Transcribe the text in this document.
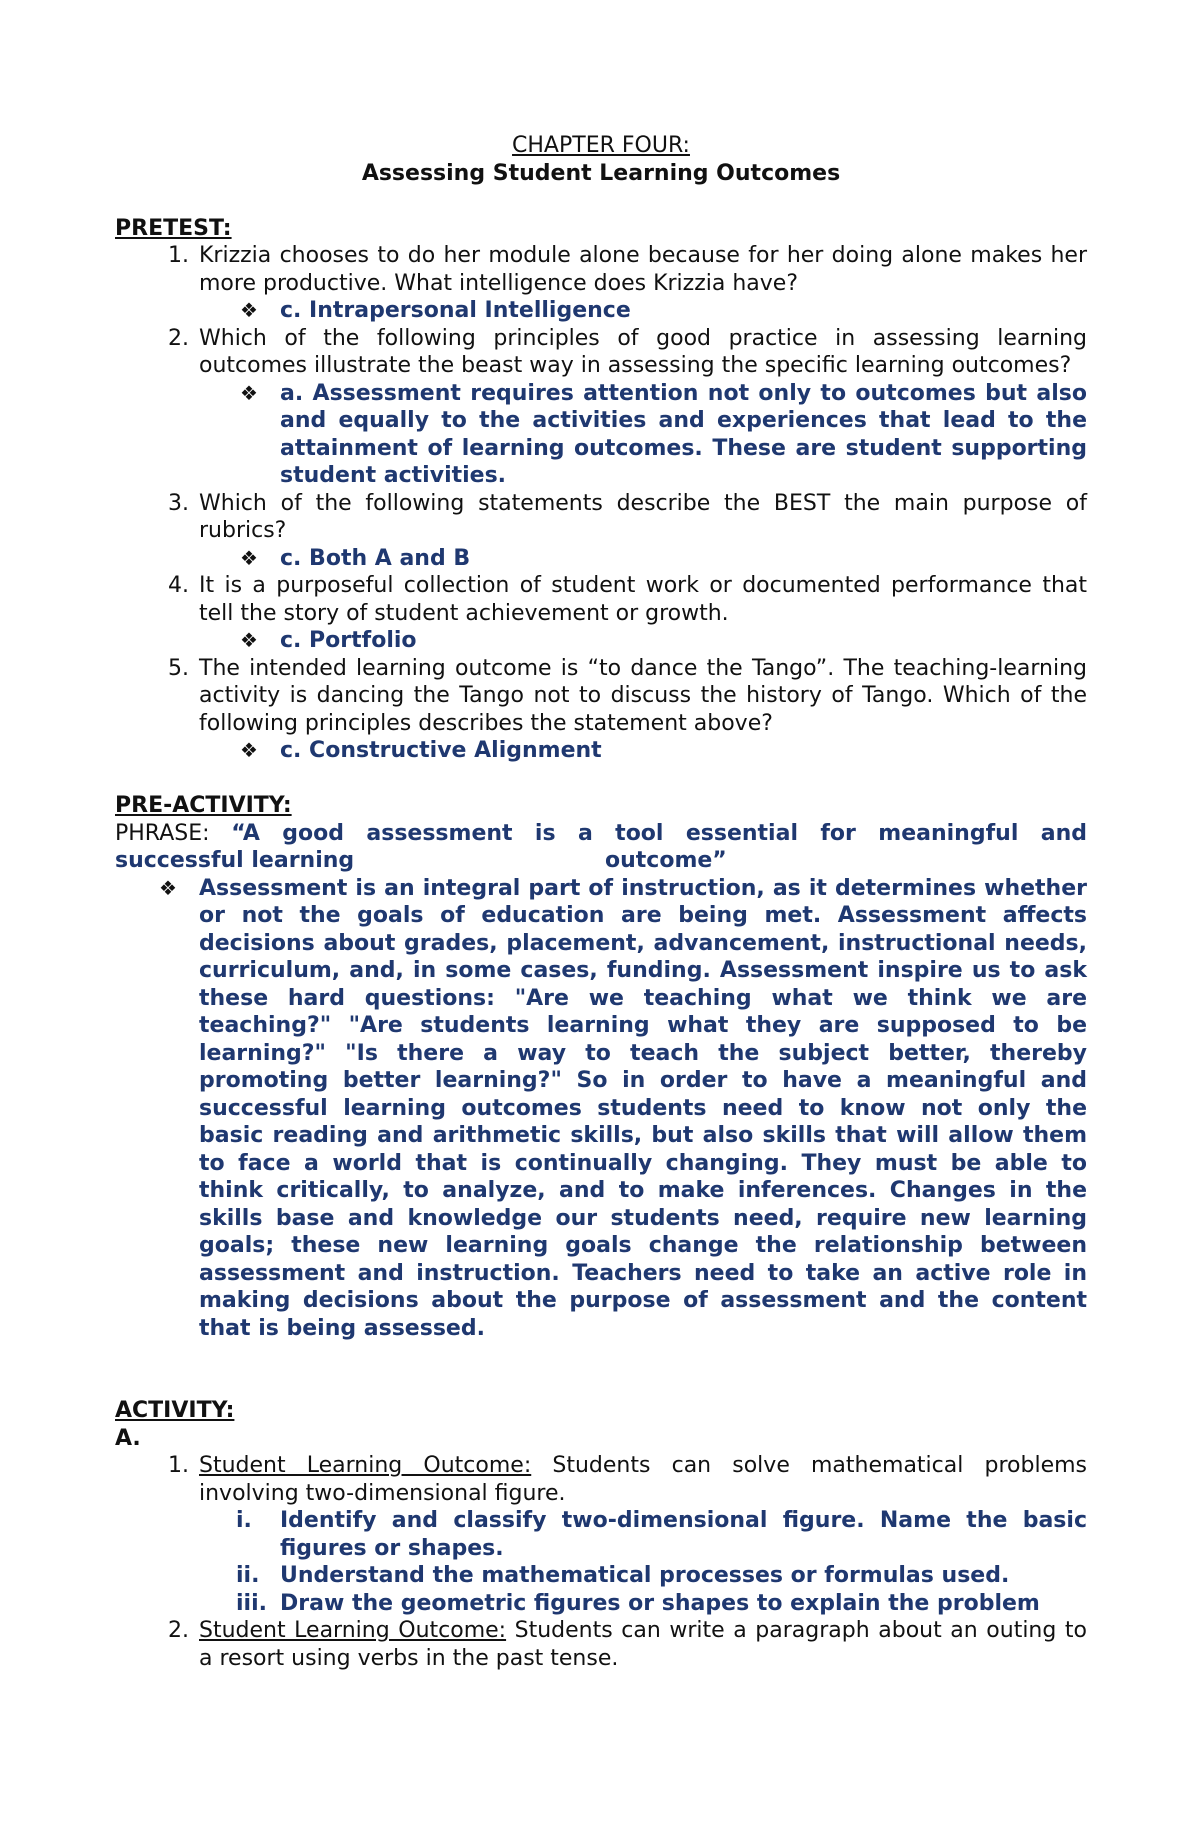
CHAPTER FOUR:
Assessing Student Learning Outcomes
PRETEST:
1. Krizzia chooses to do her module alone because for her doing alone makes her more productive. What intelligence does Krizzia have?
❖ c. Intrapersonal Intelligence
2. Which of the following principles of good practice in assessing learning outcomes illustrate the beast way in assessing the specific learning outcomes?
❖ a. Assessment requires attention not only to outcomes but also and equally to the activities and experiences that lead to the attainment of learning outcomes. These are student supporting student activities.
3. Which of the following statements describe the BEST the main purpose of rubrics?
❖ c. Both A and B
4. It is a purposeful collection of student work or documented performance that tell the story of student achievement or growth.
❖ c. Portfolio
5. The intended learning outcome is “to dance the Tango”. The teaching-learning activity is dancing the Tango not to discuss the history of Tango. Which of the following principles describes the statement above?
❖ c. Constructive Alignment
PRE-ACTIVITY:
PHRASE: “A good assessment is a tool essential for meaningful and
successful learning	outcome”
❖ Assessment is an integral part of instruction, as it determines whether or not the goals of education are being met. Assessment affects decisions about grades, placement, advancement, instructional needs, curriculum, and, in some cases, funding. Assessment inspire us to ask these hard questions: "Are we teaching what we think we are teaching?" "Are students learning what they are supposed to be learning?" "Is there a way to teach the subject better, thereby promoting better learning?" So in order to have a meaningful and successful learning outcomes students need to know not only the basic reading and arithmetic skills, but also skills that will allow them to face a world that is continually changing. They must be able to think critically, to analyze, and to make inferences. Changes in the skills base and knowledge our students need, require new learning goals; these new learning goals change the relationship between assessment and instruction. Teachers need to take an active role in making decisions about the purpose of assessment and the content that is being assessed.
ACTIVITY:
A.
1. Student Learning Outcome: Students can solve mathematical problems involving two-dimensional figure.
i.	Identify and classify two-dimensional figure. Name the basic figures or shapes.
ii. Understand the mathematical processes or formulas used.
iii. Draw the geometric figures or shapes to explain the problem
2. Student Learning Outcome: Students can write a paragraph about an outing to a resort using verbs in the past tense.
